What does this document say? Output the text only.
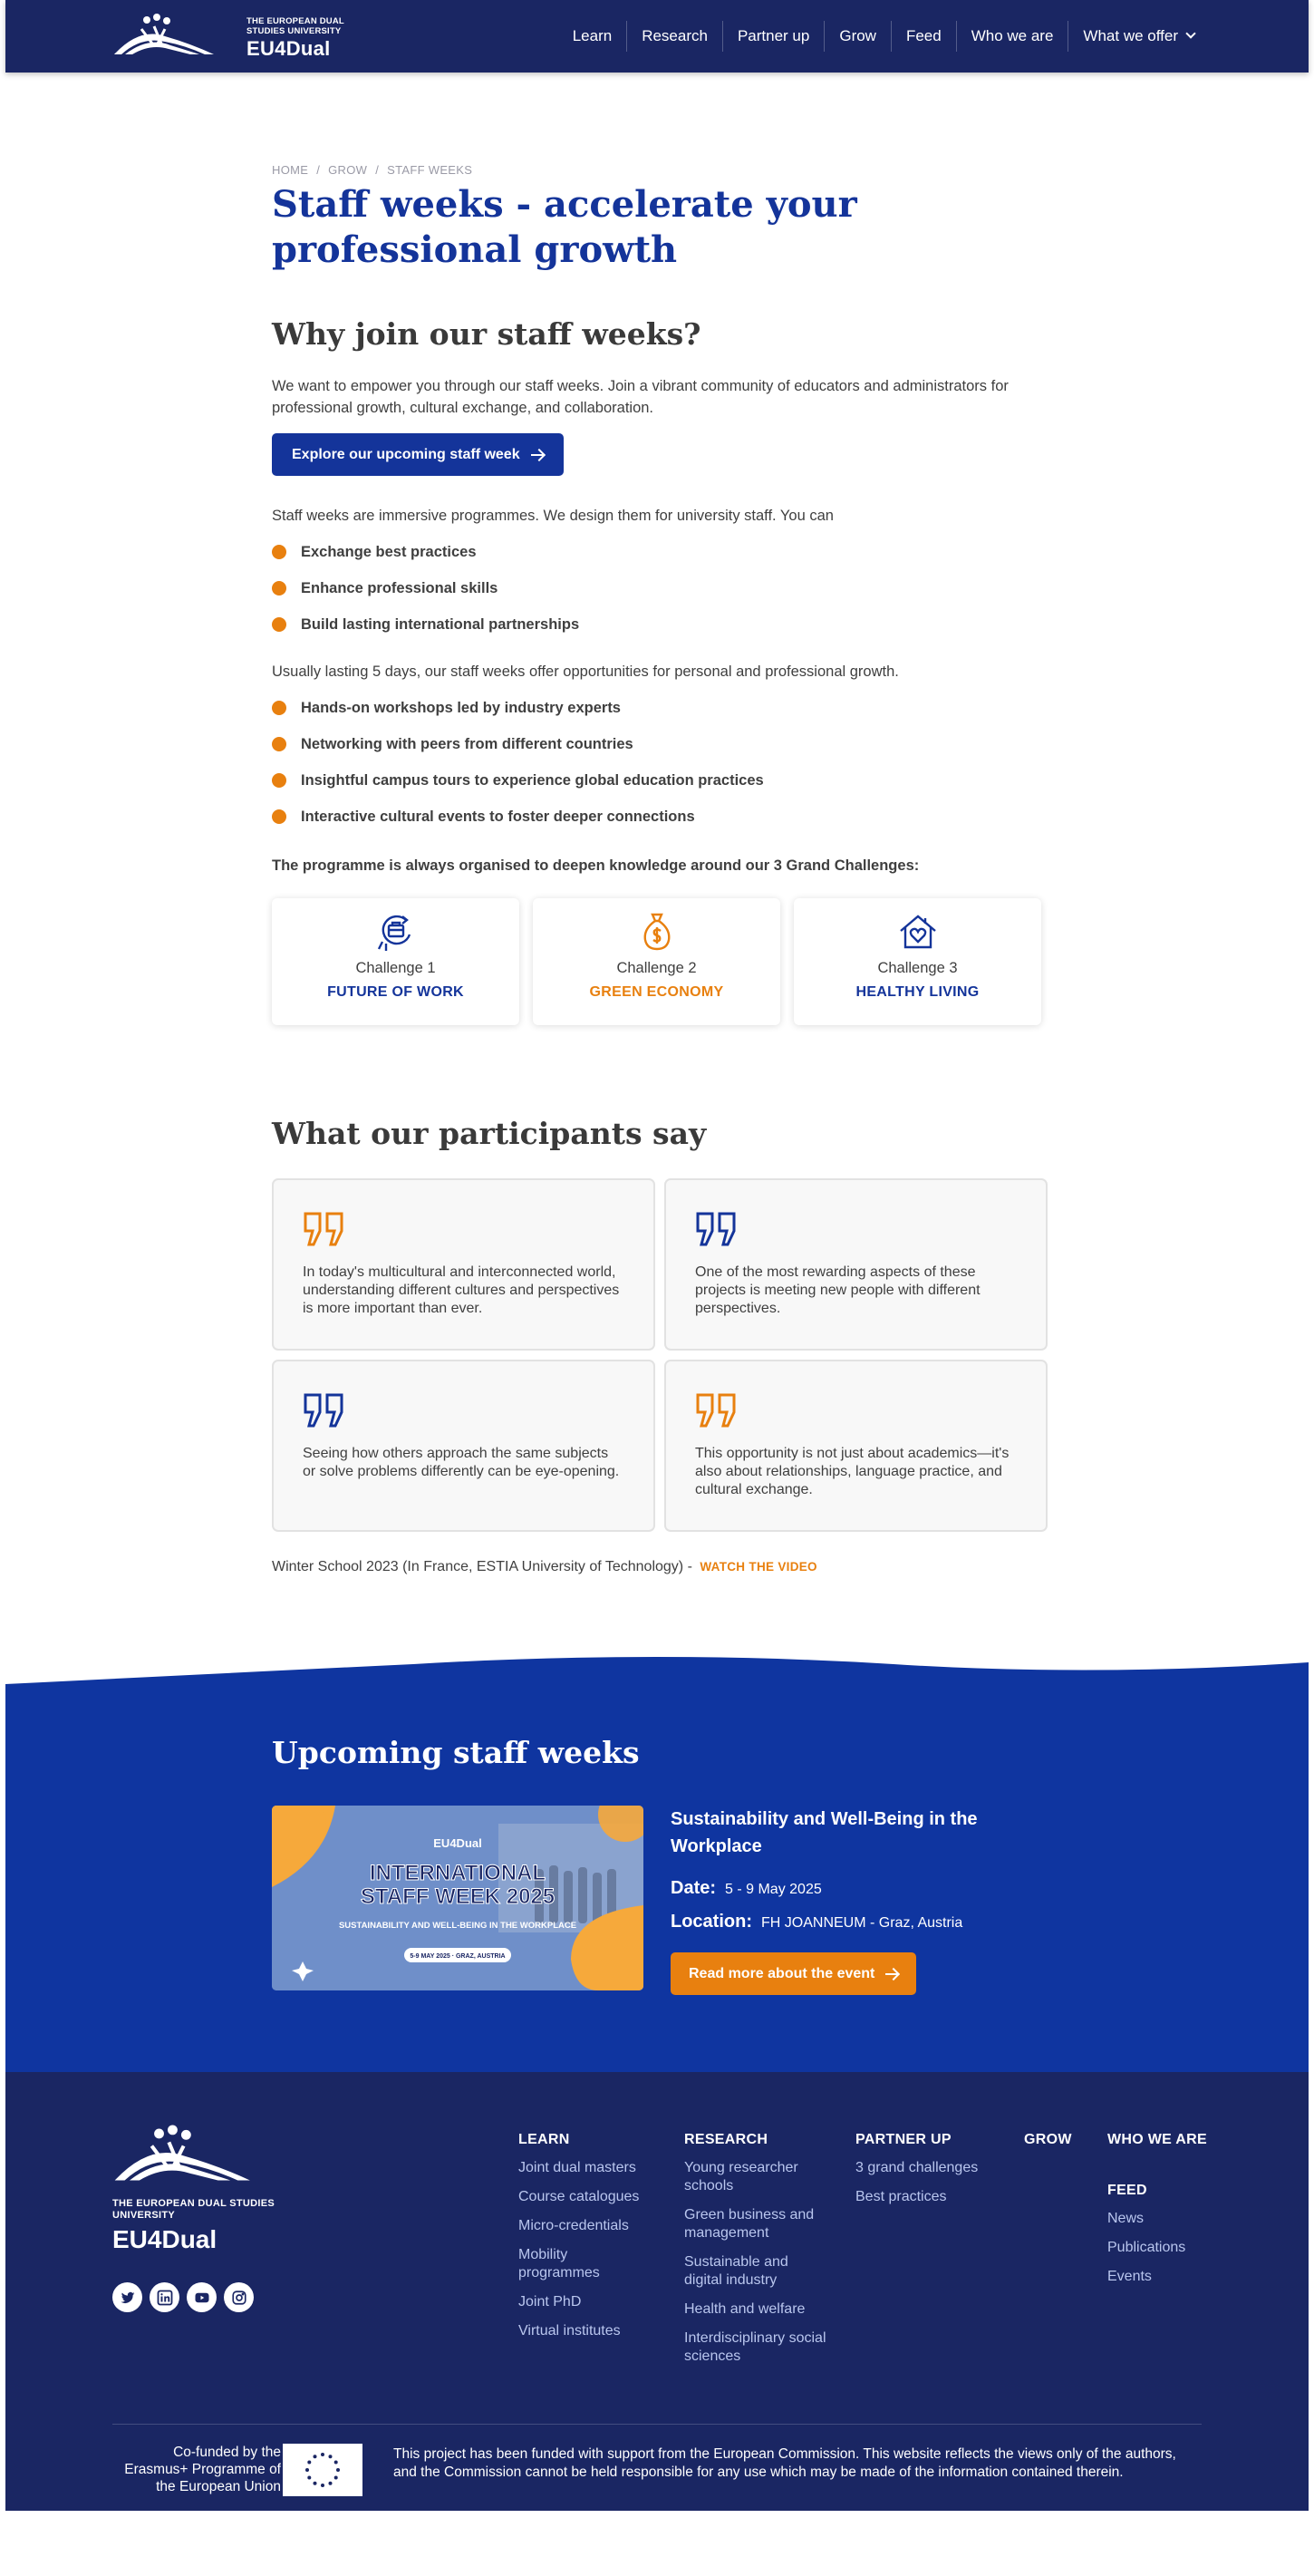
THE EUROPEAN DUAL STUDIES UNIVERSITY
EU4Dual
Learn	Research	Partner up	Grow	Feed	Who we are	What we offer
HOME / GROW / STAFF WEEKS
Staff weeks - accelerate your professional growth
Why join our staff weeks?

We want to empower you through our staff weeks. Join a vibrant community of educators and administrators for professional growth, cultural exchange, and collaboration.

Explore our upcoming staff week

Staff weeks are immersive programmes. We design them for university staff. You can

Exchange best practices
Enhance professional skills
Build lasting international partnerships

Usually lasting 5 days, our staff weeks offer opportunities for personal and professional growth.

Hands-on workshops led by industry experts
Networking with peers from different countries
Insightful campus tours to experience global education practices
Interactive cultural events to foster deeper connections

The programme is always organised to deepen knowledge around our 3 Grand Challenges:

Challenge 1
FUTURE OF WORK
Challenge 2
GREEN ECONOMY
Challenge 3
HEALTHY LIVING
What our participants say

In today's multicultural and interconnected world, understanding different cultures and perspectives is more important than ever.

One of the most rewarding aspects of these projects is meeting new people with different perspectives.

Seeing how others approach the same subjects or solve problems differently can be eye-opening.

This opportunity is not just about academics—it's also about relationships, language practice, and cultural exchange.

Winter School 2023 (In France, ESTIA University of Technology) - WATCH THE VIDEO

Upcoming staff weeks
EU4Dual
INTERNATIONAL
STAFF WEEK 2025
SUSTAINABILITY AND WELL-BEING IN THE WORKPLACE
5-9 MAY 2025 · GRAZ, AUSTRIA
Sustainability and Well-Being in the Workplace
Date: 5 - 9 May 2025
Location: FH JOANNEUM - Graz, Austria
Read more about the event
THE EUROPEAN DUAL STUDIES UNIVERSITY
EU4Dual
LEARN
Joint dual masters
Course catalogues
Micro-credentials
Mobility programmes
Joint PhD
Virtual institutes
RESEARCH
Young researcher schools
Green business and management
Sustainable and digital industry
Health and welfare
Interdisciplinary social sciences
PARTNER UP
3 grand challenges
Best practices
GROW WHO WE ARE
FEED
News
Publications
Events
Co-funded by the Erasmus+ Programme of the European Union
This project has been funded with support from the European Commission. This website reflects the views only of the authors, and the Commission cannot be held responsible for any use which may be made of the information contained therein.
